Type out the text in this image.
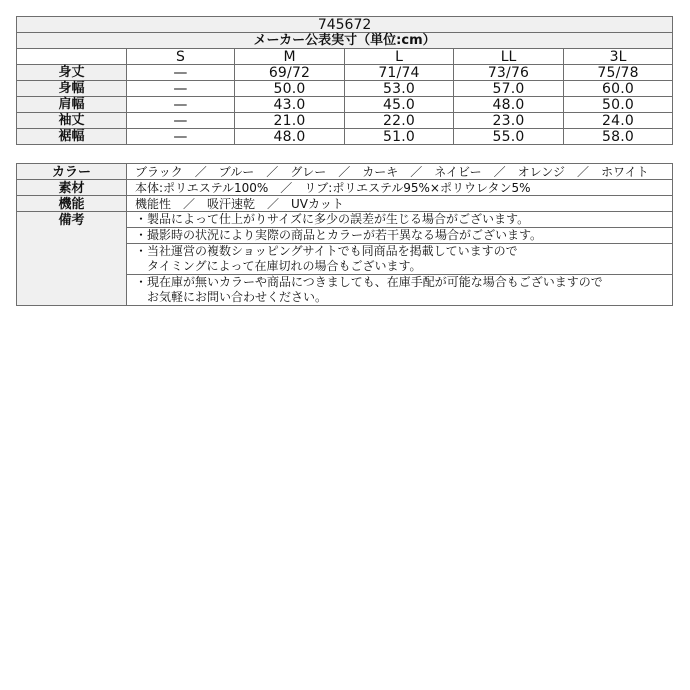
745672					
メーカー公表実寸（単位:cm）					
	S	M	L	LL	3L
身丈	—	69/72	71/74	73/76	75/78
身幅	—	50.0	53.0	57.0	60.0
肩幅	—	43.0	45.0	48.0	50.0
袖丈	—	21.0	22.0	23.0	24.0
裾幅	—	48.0	51.0	55.0	58.0
カラー	ブラック　／　ブルー　／　グレー　／　カーキ　／　ネイビー　／　オレンジ　／　ホワイト
素材	本体:ポリエステル100%　／　リブ:ポリエステル95%×ポリウレタン5%
機能	機能性　／　吸汗速乾　／　UVカット
備考	・製品によって仕上がりサイズに多少の誤差が生じる場合がございます。

	・撮影時の状況により実際の商品とカラーが若干異なる場合がございます。

	・当社運営の複数ショッピングサイトでも同商品を掲載していますので
　タイミングによって在庫切れの場合もございます。

	・現在庫が無いカラーや商品につきましても、在庫手配が可能な場合もございますので
　お気軽にお問い合わせください。
